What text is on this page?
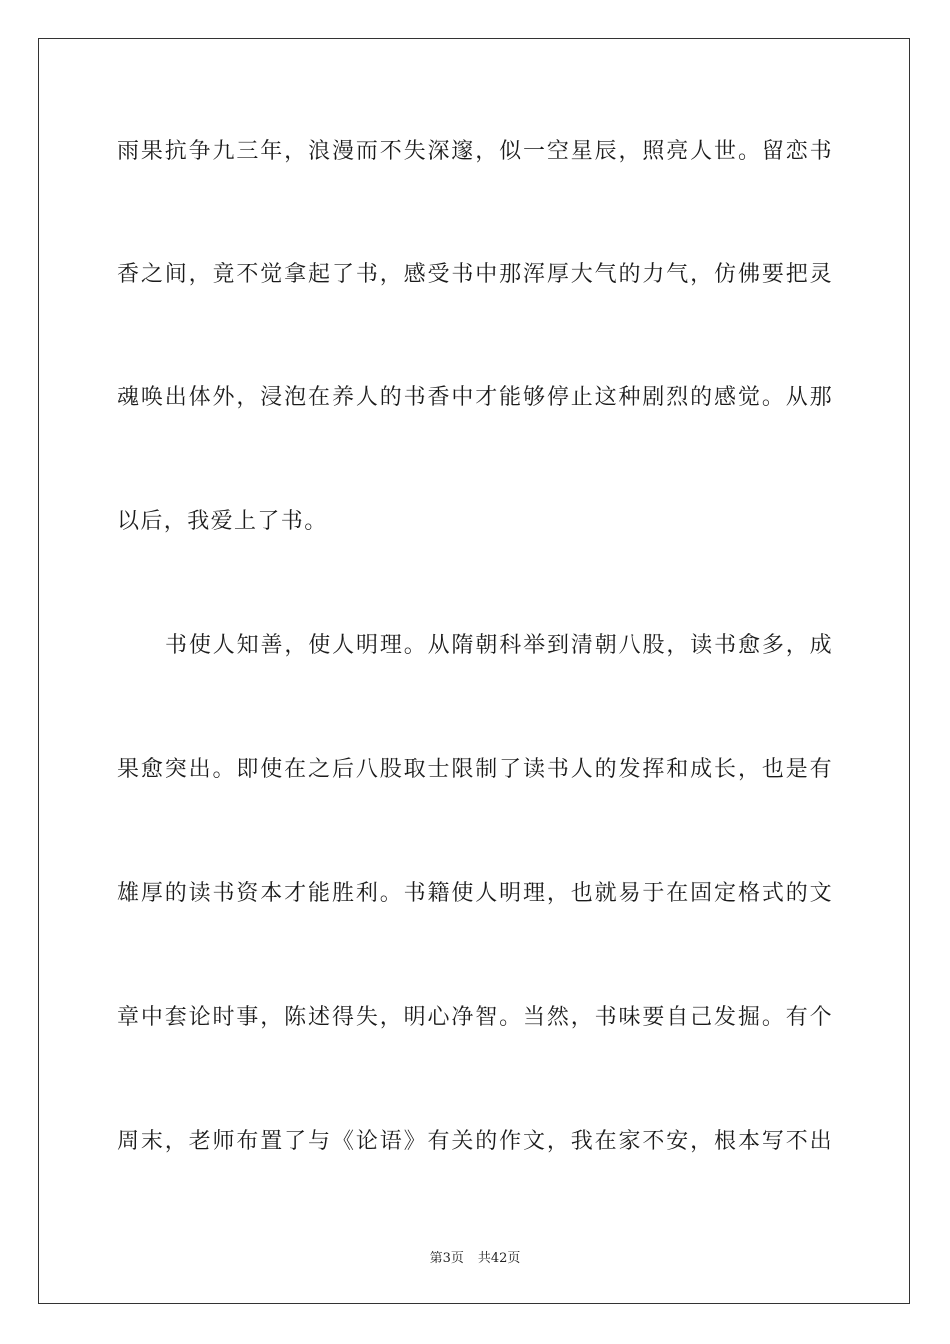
雨果抗争九三年，浪漫而不失深邃，似一空星辰，照亮人世。留恋书
香之间，竟不觉拿起了书，感受书中那浑厚大气的力气，仿佛要把灵
魂唤出体外，浸泡在养人的书香中才能够停止这种剧烈的感觉。从那
以后，我爱上了书。
书使人知善，使人明理。从隋朝科举到清朝八股，读书愈多，成
果愈突出。即使在之后八股取士限制了读书人的发挥和成长，也是有
雄厚的读书资本才能胜利。书籍使人明理，也就易于在固定格式的文
章中套论时事，陈述得失，明心净智。当然，书味要自己发掘。有个
周末，老师布置了与《论语》有关的作文，我在家不安，根本写不出
第3页 共42页
